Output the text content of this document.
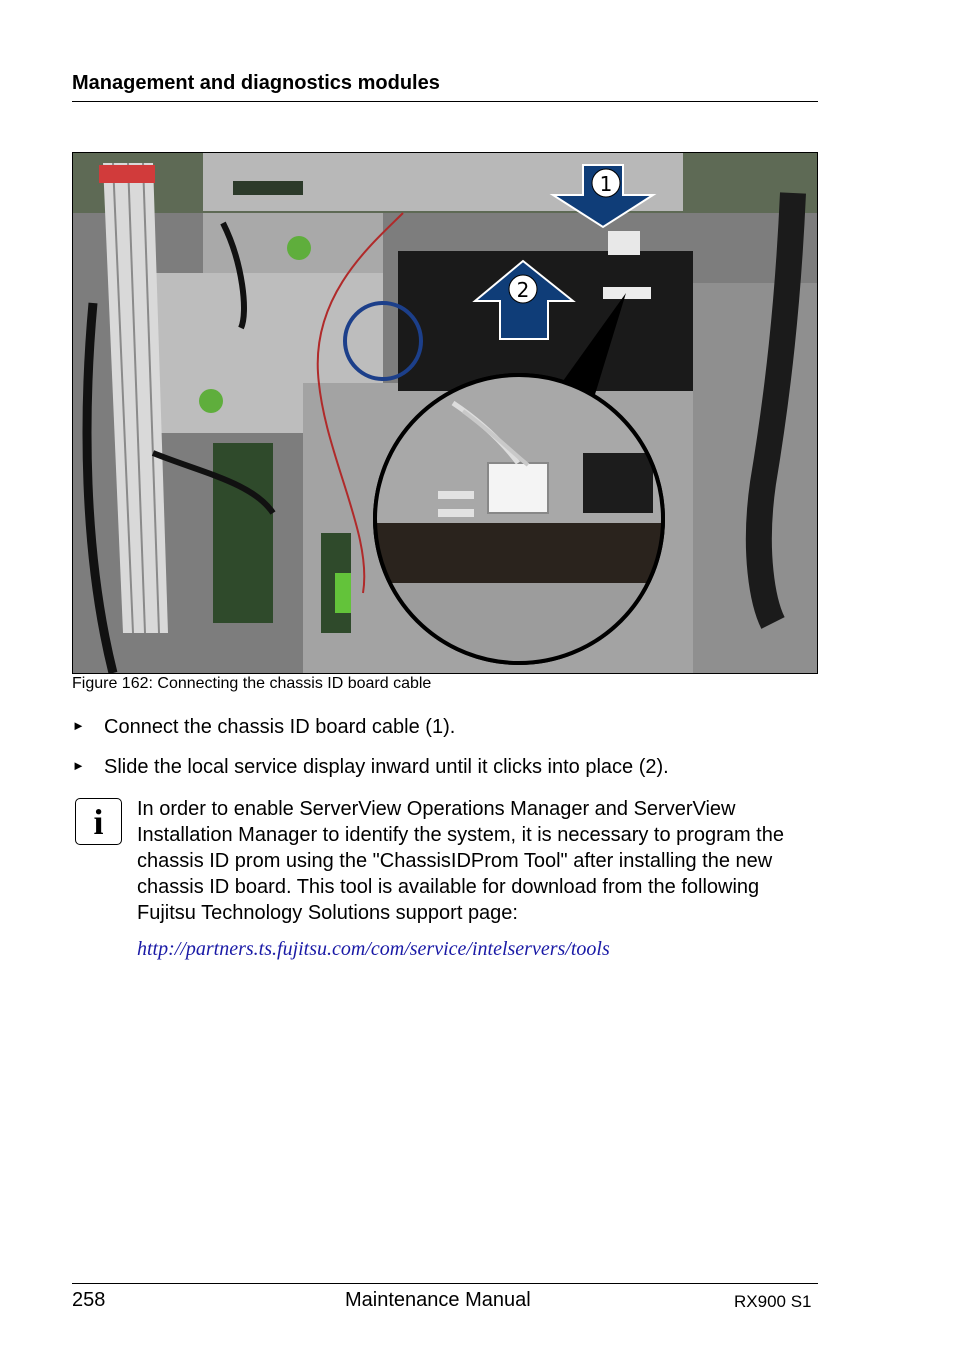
Management and diagnostics modules
1
2
Figure 162: Connecting the chassis ID board cable
► Connect the chassis ID board cable (1).
► Slide the local service display inward until it clicks into place (2).
i	In order to enable ServerView Operations Manager and ServerView Installation Manager to identify the system, it is necessary to program the chassis ID prom using the "ChassisIDProm Tool" after installing the new chassis ID board. This tool is available for download from the following Fujitsu Technology Solutions support page:

http://partners.ts.fujitsu.com/com/service/intelservers/tools
258	Maintenance Manual	RX900 S1
